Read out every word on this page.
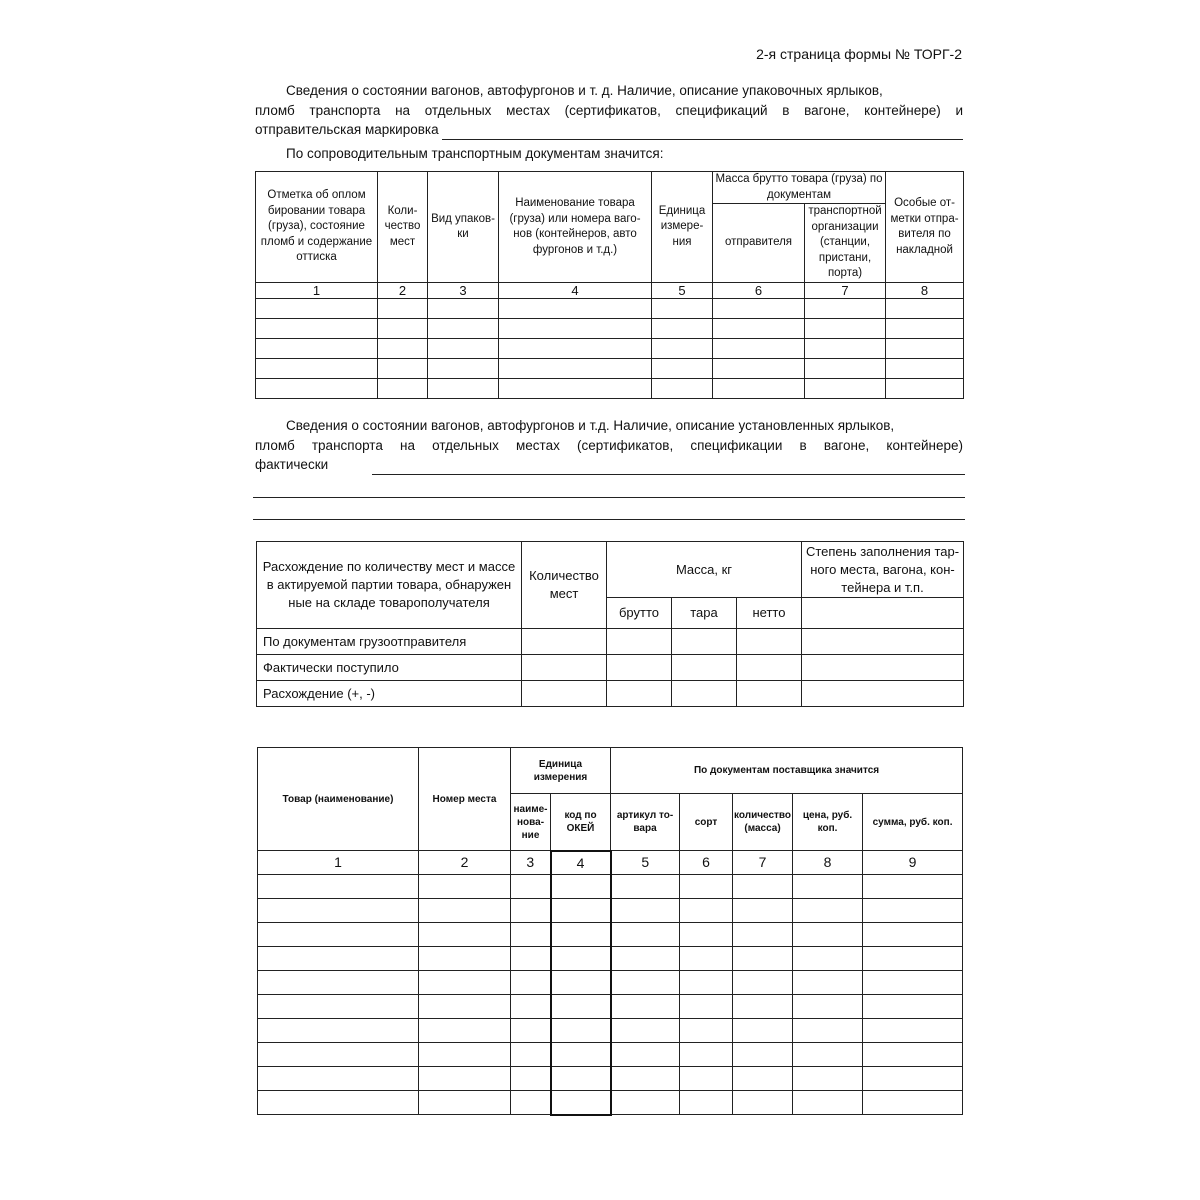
2-я страница формы № ТОРГ-2

Сведения о состоянии вагонов, автофургонов и т. д. Наличие, описание упаковочных ярлыков,

пломб транспорта на отдельных местах (сертификатов, спецификаций в вагоне, контейнере) и
отправительская маркировка

По сопроводительным транспортным документам значится:

Отметка об оплом бировании товара (груза), состояние пломб и содержание оттиска	Коли- чество мест	Вид упаков- ки	Наименование товара (груза) или номера ваго- нов (контейнеров, авто фургонов и т.д.)	Единица измере- ния	Масса брутто товара (груза) по документам		Особые от- метки отпра- вителя по накладной
					отправителя	транспортной организации (станции, пристани, порта)	
1	2	3	4	5	6	7	8

Сведения о состоянии вагонов, автофургонов и т.д. Наличие, описание установленных ярлыков,

пломб транспорта на отдельных местах (сертификатов, спецификации в вагоне, контейнере)
фактически
Расхождение по количеству мест и массе в актируемой партии товара, обнаружен ные на складе товарополучателя	Количество мест	Масса, кг			Степень заполнения тар- ного места, вагона, кон- тейнера и т.п.
		брутто	тара	нетто	
По документам грузоотправителя					
Фактически поступило					
Расхождение (+, -)					
Товар (наименование)	Номер места	Единица измерения		По документам поставщика значится				
		наиме- нова- ние	код по ОКЕЙ	артикул то- вара	сорт	количество (масса)	цена, руб. коп.	сумма, руб. коп.
1	2	3	4	5	6	7	8	9
